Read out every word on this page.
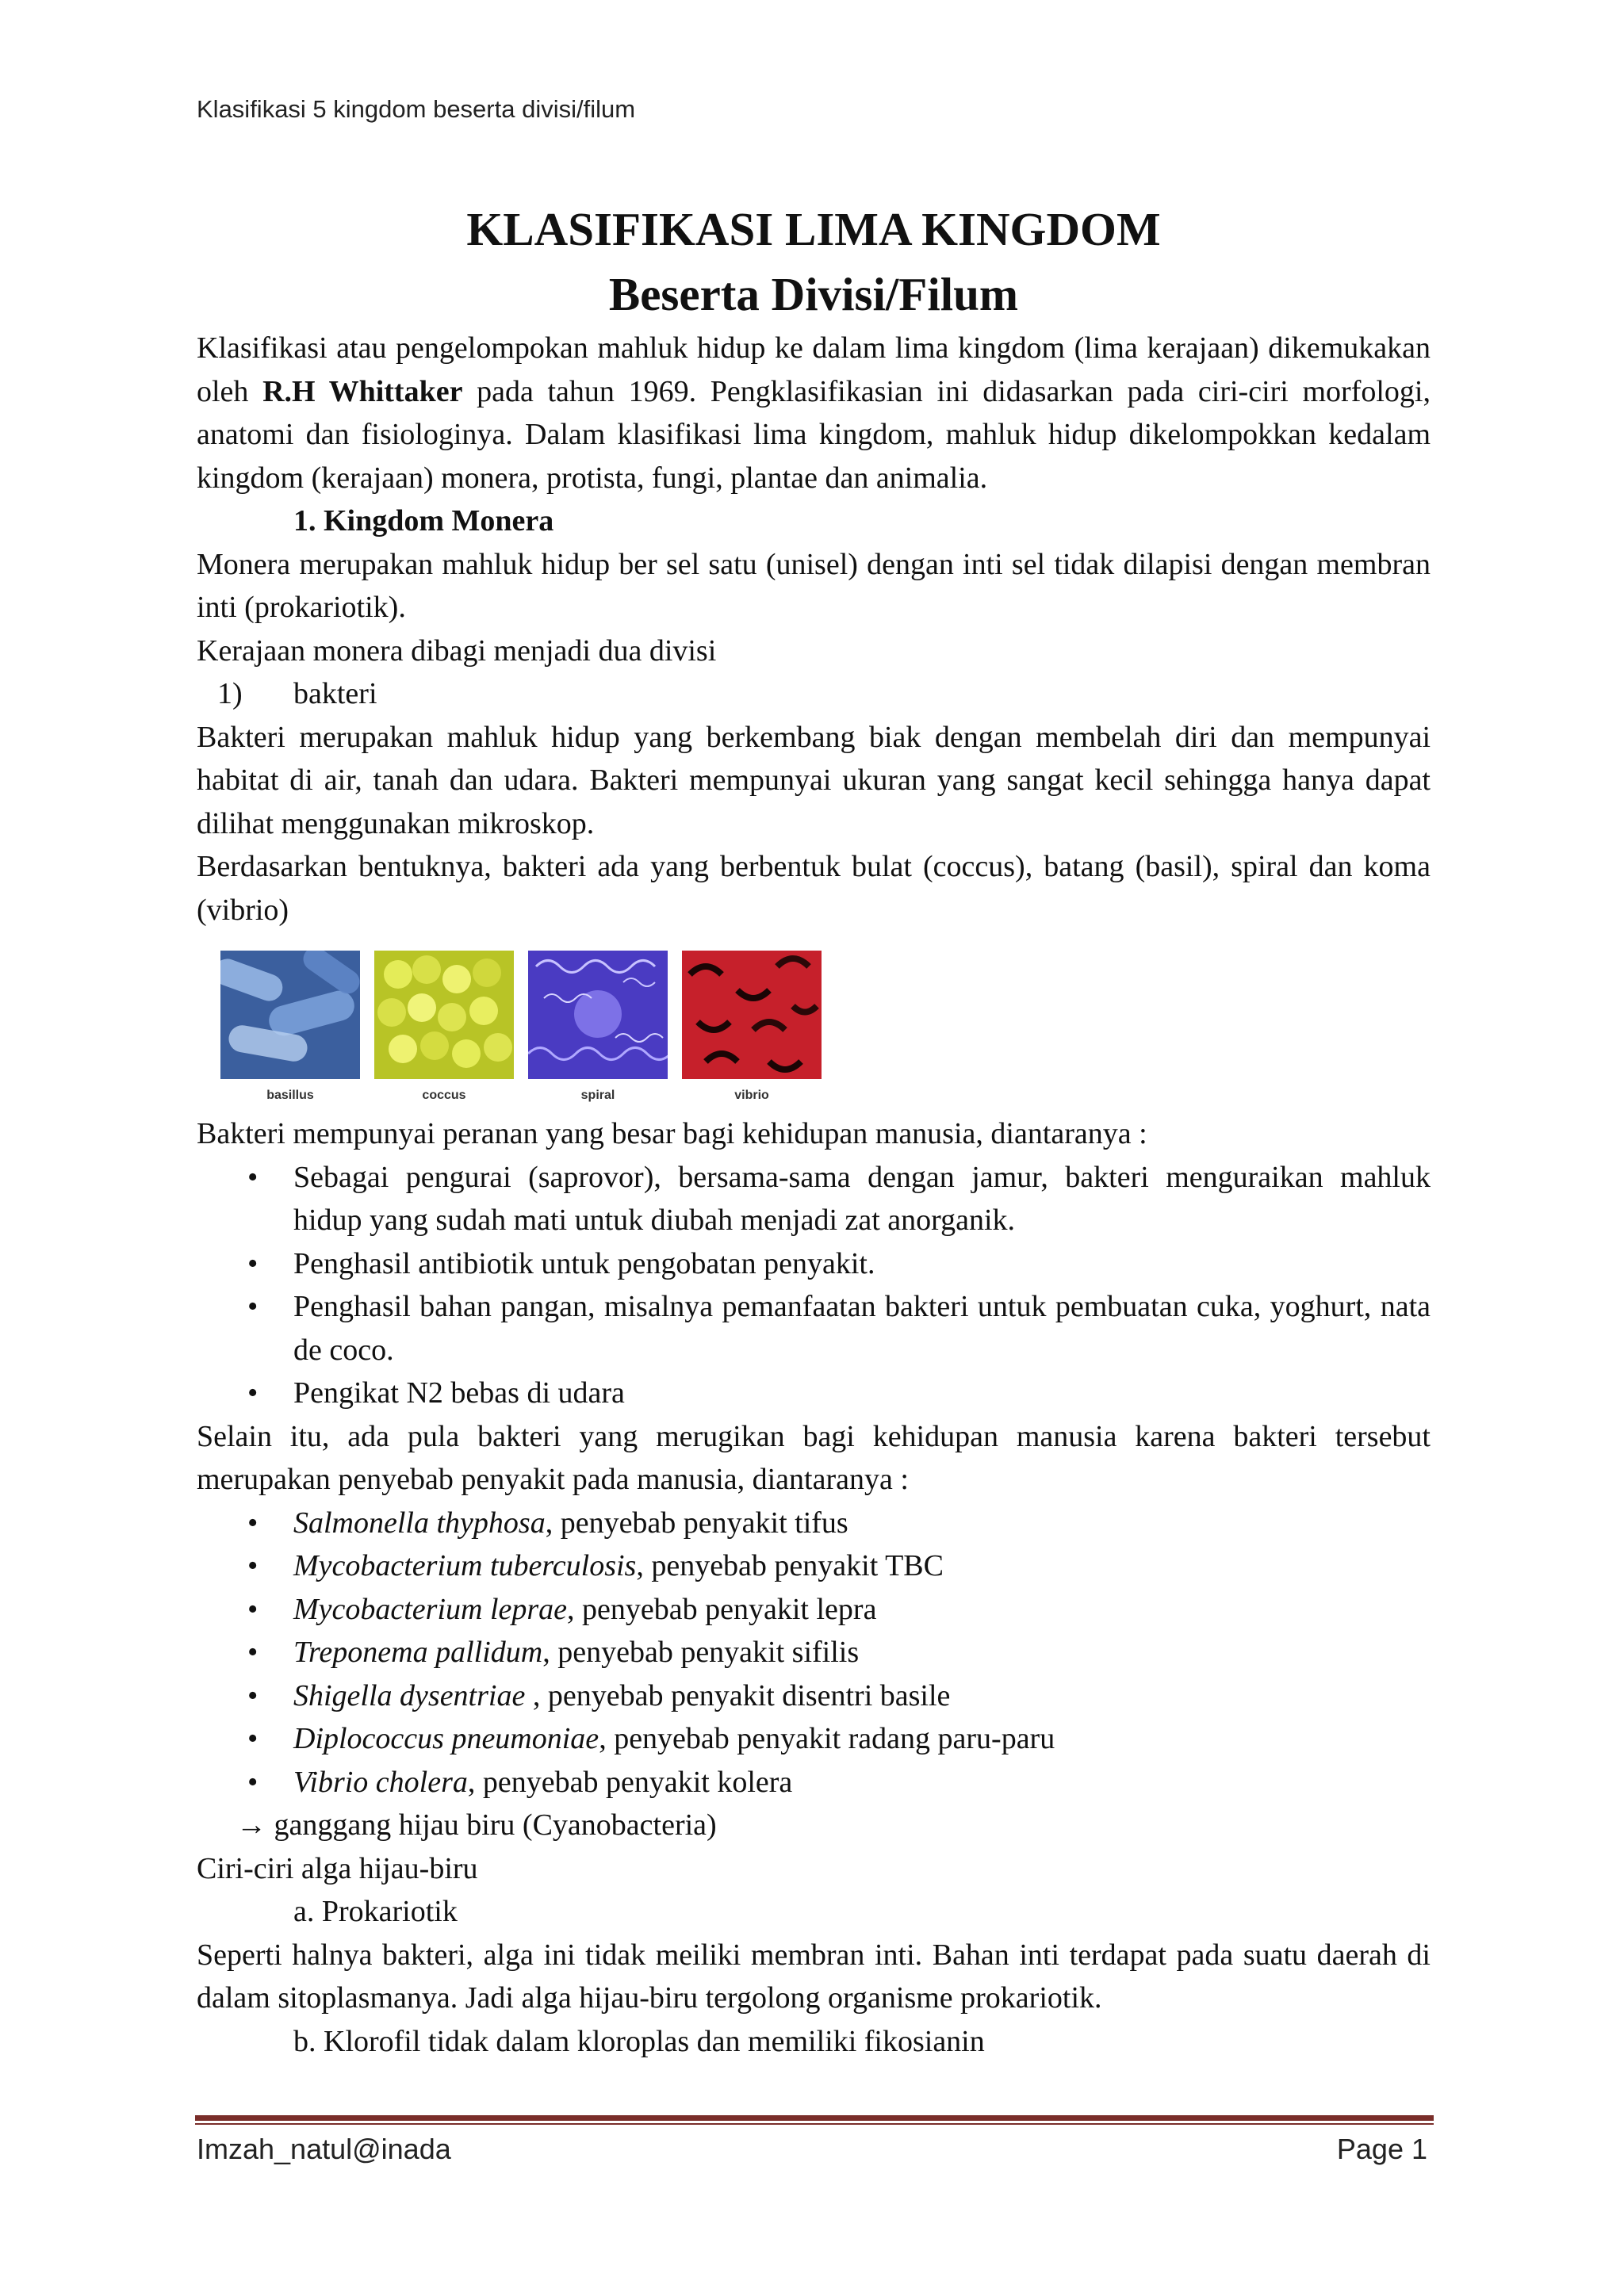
Klasifikasi 5 kingdom beserta divisi/filum
KLASIFIKASI LIMA KINGDOM
Beserta Divisi/Filum

Klasifikasi atau pengelompokan mahluk hidup ke dalam lima kingdom (lima kerajaan) dikemukakan oleh R.H Whittaker pada tahun 1969. Pengklasifikasian ini didasarkan pada ciri-ciri morfologi, anatomi dan fisiologinya. Dalam klasifikasi lima kingdom, mahluk hidup dikelompokkan kedalam kingdom (kerajaan) monera, protista, fungi, plantae dan animalia.

1. Kingdom Monera

Monera merupakan mahluk hidup ber sel satu (unisel) dengan inti sel tidak dilapisi dengan membran inti (prokariotik).

Kerajaan monera dibagi menjadi dua divisi

1) bakteri

Bakteri merupakan mahluk hidup yang berkembang biak dengan membelah diri dan mempunyai habitat di air, tanah dan udara. Bakteri mempunyai ukuran yang sangat kecil sehingga hanya dapat dilihat menggunakan mikroskop.

Berdasarkan bentuknya, bakteri ada yang berbentuk bulat (coccus), batang (basil), spiral dan koma (vibrio)

basillus	coccus	spiral	vibrio

Bakteri mempunyai peranan yang besar bagi kehidupan manusia, diantaranya :

• Sebagai pengurai (saprovor), bersama-sama dengan jamur, bakteri menguraikan mahluk hidup yang sudah mati untuk diubah menjadi zat anorganik.
• Penghasil antibiotik untuk pengobatan penyakit.
• Penghasil bahan pangan, misalnya pemanfaatan bakteri untuk pembuatan cuka, yoghurt, nata de coco.
• Pengikat N2 bebas di udara

Selain itu, ada pula bakteri yang merugikan bagi kehidupan manusia karena bakteri tersebut merupakan penyebab penyakit pada manusia, diantaranya :

• Salmonella thyphosa, penyebab penyakit tifus
• Mycobacterium tuberculosis, penyebab penyakit TBC
• Mycobacterium leprae, penyebab penyakit lepra
• Treponema pallidum, penyebab penyakit sifilis
• Shigella dysentriae , penyebab penyakit disentri basile
• Diplococcus pneumoniae, penyebab penyakit radang paru-paru
• Vibrio cholera, penyebab penyakit kolera
→ ganggang hijau biru (Cyanobacteria)

Ciri-ciri alga hijau-biru

a. Prokariotik

Seperti halnya bakteri, alga ini tidak meiliki membran inti. Bahan inti terdapat pada suatu daerah di dalam sitoplasmanya. Jadi alga hijau-biru tergolong organisme prokariotik.

b. Klorofil tidak dalam kloroplas dan memiliki fikosianin
Imzah_natul@inada	Page 1
